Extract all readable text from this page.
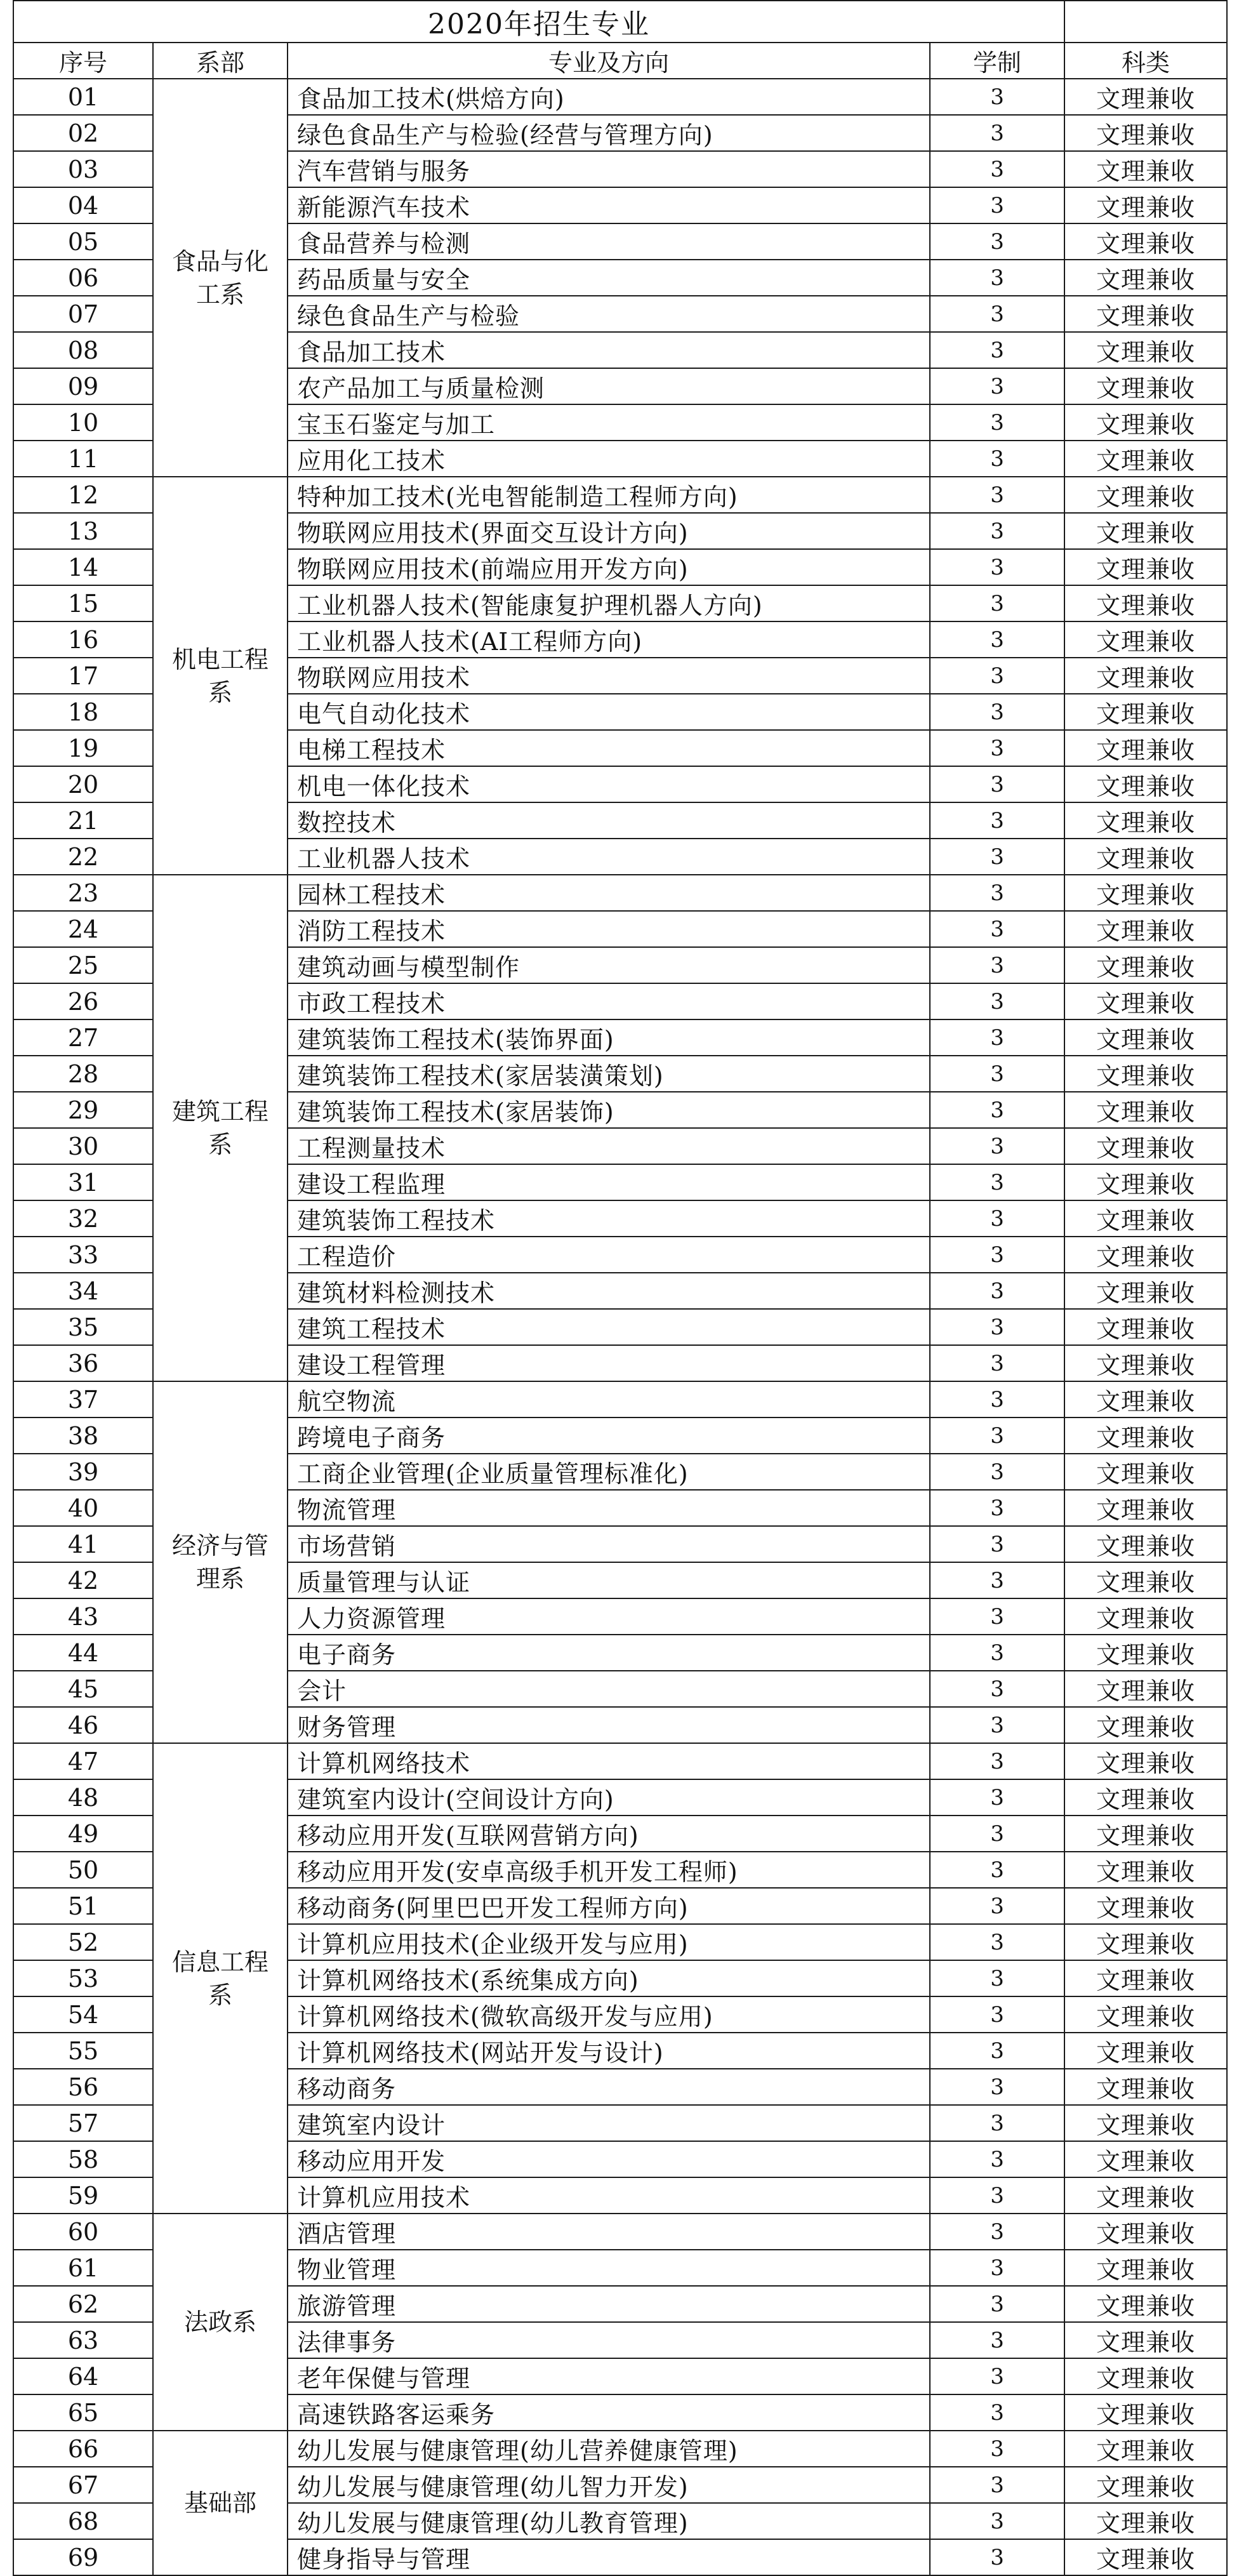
2020年招生专业				
序号	系部	专业及方向	学制	科类
01	食品与化工系	食品加工技术(烘焙方向)	3	文理兼收
02		绿色食品生产与检验(经营与管理方向)	3	文理兼收
03		汽车营销与服务	3	文理兼收
04		新能源汽车技术	3	文理兼收
05		食品营养与检测	3	文理兼收
06		药品质量与安全	3	文理兼收
07		绿色食品生产与检验	3	文理兼收
08		食品加工技术	3	文理兼收
09		农产品加工与质量检测	3	文理兼收
10		宝玉石鉴定与加工	3	文理兼收
11		应用化工技术	3	文理兼收
12	机电工程系	特种加工技术(光电智能制造工程师方向)	3	文理兼收
13		物联网应用技术(界面交互设计方向)	3	文理兼收
14		物联网应用技术(前端应用开发方向)	3	文理兼收
15		工业机器人技术(智能康复护理机器人方向)	3	文理兼收
16		工业机器人技术(AI工程师方向)	3	文理兼收
17		物联网应用技术	3	文理兼收
18		电气自动化技术	3	文理兼收
19		电梯工程技术	3	文理兼收
20		机电一体化技术	3	文理兼收
21		数控技术	3	文理兼收
22		工业机器人技术	3	文理兼收
23	建筑工程系	园林工程技术	3	文理兼收
24		消防工程技术	3	文理兼收
25		建筑动画与模型制作	3	文理兼收
26		市政工程技术	3	文理兼收
27		建筑装饰工程技术(装饰界面)	3	文理兼收
28		建筑装饰工程技术(家居装潢策划)	3	文理兼收
29		建筑装饰工程技术(家居装饰)	3	文理兼收
30		工程测量技术	3	文理兼收
31		建设工程监理	3	文理兼收
32		建筑装饰工程技术	3	文理兼收
33		工程造价	3	文理兼收
34		建筑材料检测技术	3	文理兼收
35		建筑工程技术	3	文理兼收
36		建设工程管理	3	文理兼收
37	经济与管理系	航空物流	3	文理兼收
38		跨境电子商务	3	文理兼收
39		工商企业管理(企业质量管理标准化)	3	文理兼收
40		物流管理	3	文理兼收
41		市场营销	3	文理兼收
42		质量管理与认证	3	文理兼收
43		人力资源管理	3	文理兼收
44		电子商务	3	文理兼收
45		会计	3	文理兼收
46		财务管理	3	文理兼收
47	信息工程系	计算机网络技术	3	文理兼收
48		建筑室内设计(空间设计方向)	3	文理兼收
49		移动应用开发(互联网营销方向)	3	文理兼收
50		移动应用开发(安卓高级手机开发工程师)	3	文理兼收
51		移动商务(阿里巴巴开发工程师方向)	3	文理兼收
52		计算机应用技术(企业级开发与应用)	3	文理兼收
53		计算机网络技术(系统集成方向)	3	文理兼收
54		计算机网络技术(微软高级开发与应用)	3	文理兼收
55		计算机网络技术(网站开发与设计)	3	文理兼收
56		移动商务	3	文理兼收
57		建筑室内设计	3	文理兼收
58		移动应用开发	3	文理兼收
59		计算机应用技术	3	文理兼收
60	法政系	酒店管理	3	文理兼收
61		物业管理	3	文理兼收
62		旅游管理	3	文理兼收
63		法律事务	3	文理兼收
64		老年保健与管理	3	文理兼收
65		高速铁路客运乘务	3	文理兼收
66	基础部	幼儿发展与健康管理(幼儿营养健康管理)	3	文理兼收
67		幼儿发展与健康管理(幼儿智力开发)	3	文理兼收
68		幼儿发展与健康管理(幼儿教育管理)	3	文理兼收
69		健身指导与管理	3	文理兼收
